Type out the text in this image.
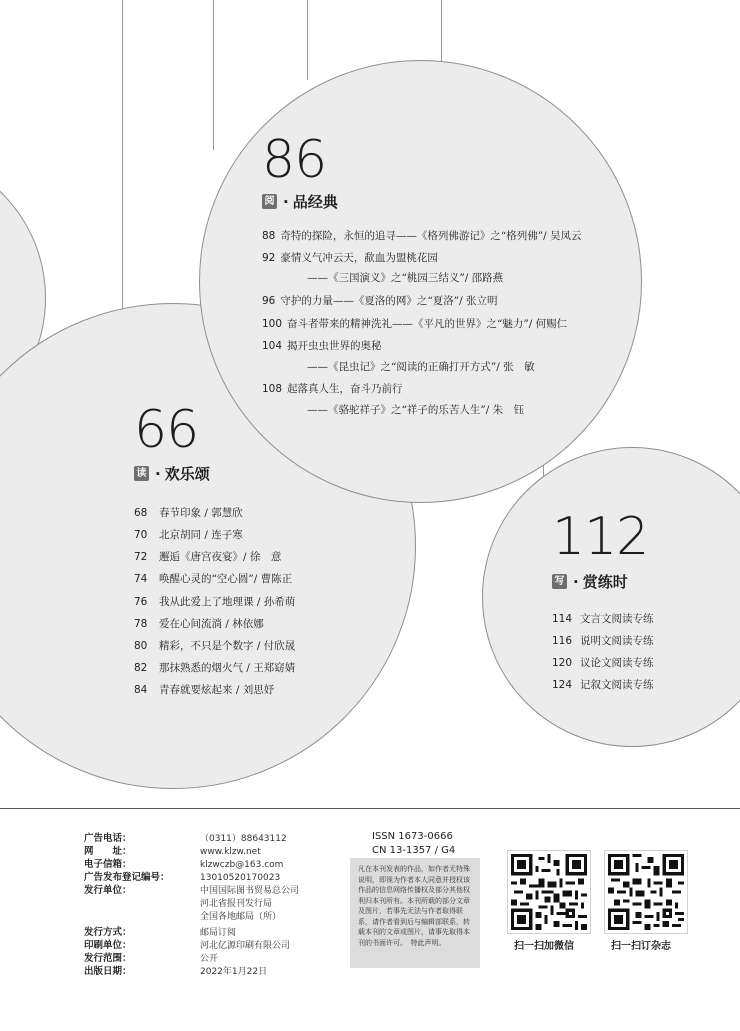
86
阅 · 品经典
88 奇特的探险，永恒的追寻——《格列佛游记》之“格列佛”/ 吴凤云
92 豪情义气冲云天，歃血为盟桃花园
——《三国演义》之“桃园三结义”/ 邵路燕
96 守护的力量——《夏洛的网》之“夏洛”/ 张立明
100 奋斗者带来的精神洗礼——《平凡的世界》之“魅力”/ 何赐仁
104 揭开虫虫世界的奥秘
——《昆虫记》之“阅读的正确打开方式”/ 张　敏
108 起落真人生，奋斗乃前行
——《骆驼祥子》之“祥子的乐苦人生”/ 朱　钰
66
读 · 欢乐颂
68 春节印象 / 郭慧欣
70 北京胡同 / 连子寒
72 邂逅《唐宫夜宴》/ 徐　意
74 唤醒心灵的“空心圆”/ 曹陈正
76 我从此爱上了地理课 / 孙希萌
78 爱在心间流淌 / 林依娜
80 精彩，不只是个数字 / 付欣晟
82 那抹熟悉的烟火气 / 王郑窈婧
84 青春就要炫起来 / 刘思妤
112
写 · 赏练时
114 文言文阅读专练
116 说明文阅读专练
120 议论文阅读专练
124 记叙文阅读专练
广告电话：	（0311）88643112
网　　址：	www.klzw.net
电子信箱：	klzwczb@163.com
广告发布登记编号：	13010520170023
发行单位：	中国国际图书贸易总公司
河北省报刊发行局
全国各地邮局（所）
发行方式：	邮局订阅
印刷单位：	河北亿源印刷有限公司
发行范围：	公开
出版日期：	2022年1月22日
ISSN 1673-0666
CN 13-1357 / G4
凡在本刊发表的作品，如作者无特殊说明，即视为作者本人同意并授权该作品的信息网络传播权及部分其他权利归本刊所有。本刊所载的部分文章及图片，若事先无法与作者取得联系，请作者看到后与编辑部联系，转载本刊的文章或图片，请事先取得本刊的书面许可。　特此声明。	扫一扫加微信	扫一扫订杂志
